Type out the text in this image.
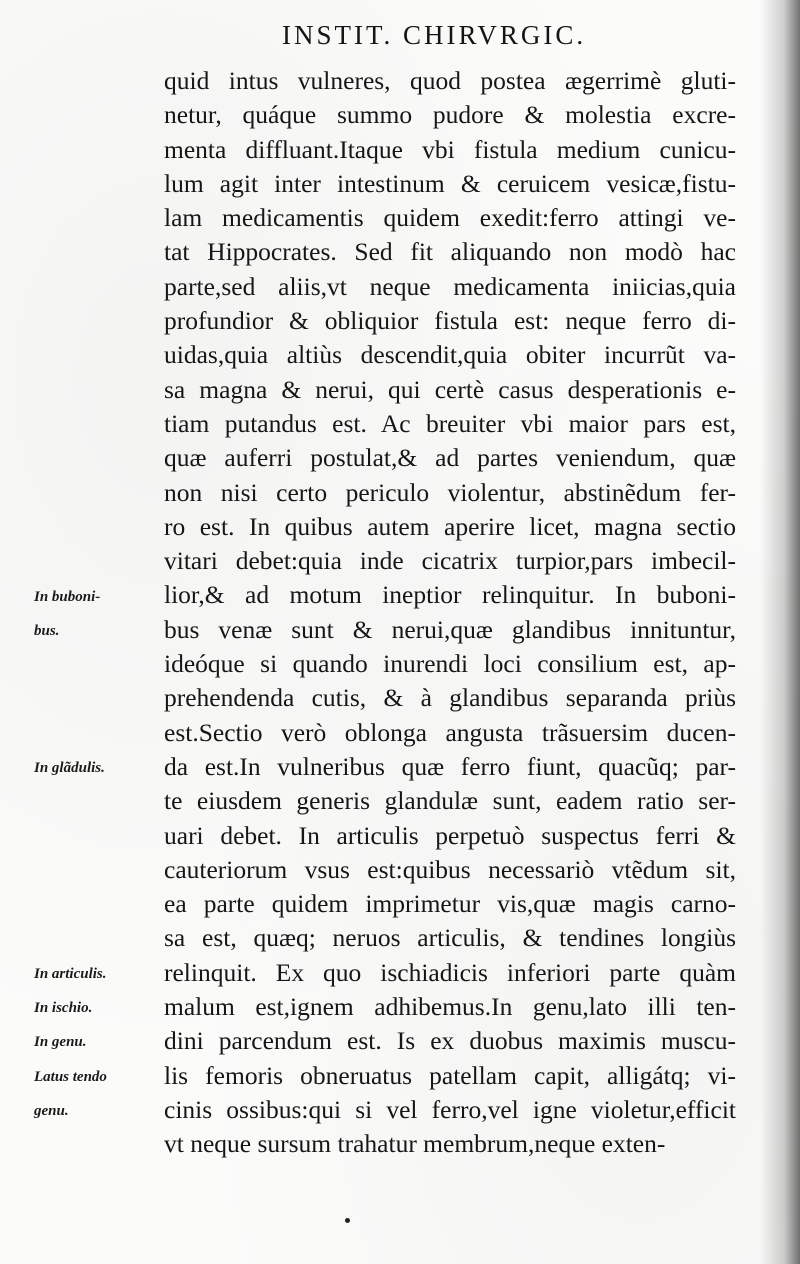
INSTIT. CHIRVRGIC.
quid intus vulneres, quod postea ægerrimè gluti-
netur, quáque summo pudore & molestia excre-
menta diffluant.Itaque vbi fistula medium cunicu-
lum agit inter intestinum & ceruicem vesicæ,fistu-
lam medicamentis quidem exedit:ferro attingi ve-
tat Hippocrates. Sed fit aliquando non modò hac
parte,sed aliis,vt neque medicamenta iniicias,quia
profundior & obliquior fistula est: neque ferro di-
uidas,quia altiùs descendit,quia obiter incurrũt va-
sa magna & nerui, qui certè casus desperationis e-
tiam putandus est. Ac breuiter vbi maior pars est,
quæ auferri postulat,& ad partes veniendum, quæ
non nisi certo periculo violentur, abstinẽdum fer-
ro est. In quibus autem aperire licet, magna sectio
vitari debet:quia inde cicatrix turpior,pars imbecil-
lior,& ad motum ineptior relinquitur. In buboni-
bus venæ sunt & nerui,quæ glandibus innituntur,
ideóque si quando inurendi loci consilium est, ap-
prehendenda cutis, & à glandibus separanda priùs
est.Sectio verò oblonga angusta trãsuersim ducen-
da est.In vulneribus quæ ferro fiunt, quacũq; par-
te eiusdem generis glandulæ sunt, eadem ratio ser-
uari debet. In articulis perpetuò suspectus ferri &
cauteriorum vsus est:quibus necessariò vtẽdum sit,
ea parte quidem imprimetur vis,quæ magis carno-
sa est, quæq; neruos articulis, & tendines longiùs
relinquit. Ex quo ischiadicis inferiori parte quàm
malum est,ignem adhibemus.In genu,lato illi ten-
dini parcendum est. Is ex duobus maximis muscu-
lis femoris obneruatus patellam capit, alligátq; vi-
cinis ossibus:qui si vel ferro,vel igne violetur,efficit
vt neque sursum trahatur membrum,neque exten-
In buboni-
bus.
In glãdulis.
In articulis.
In ischio.
In genu.
Latus tendo
genu.
